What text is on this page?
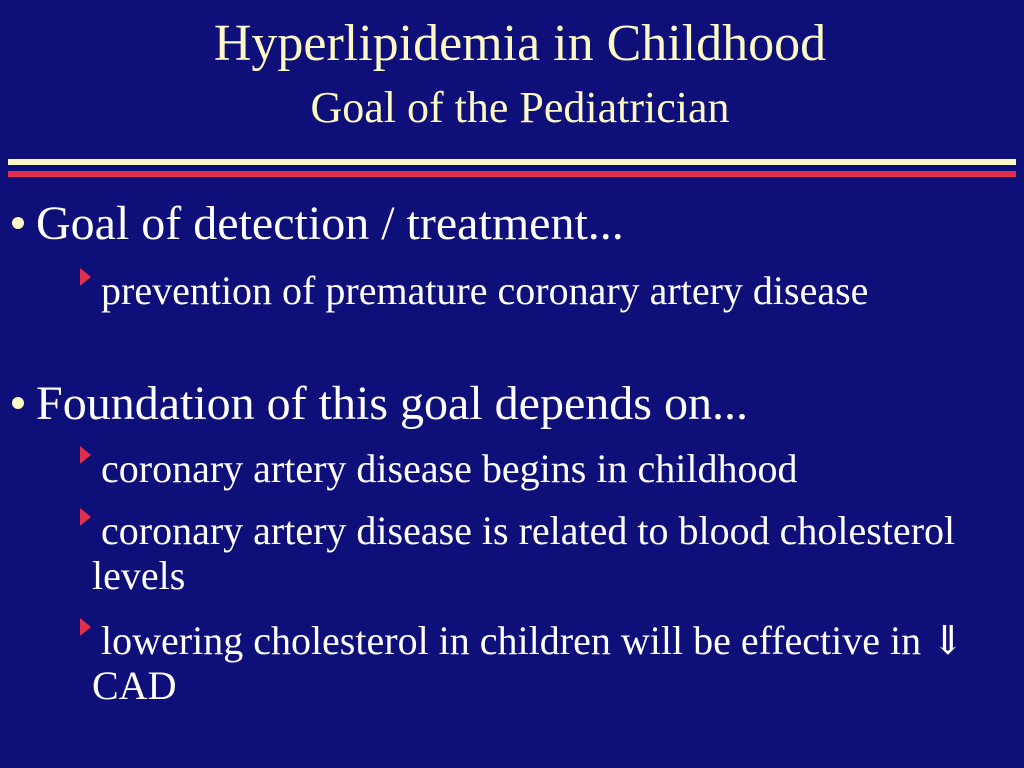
Hyperlipidemia in Childhood
Goal of the Pediatrician
Goal of detection / treatment...
prevention of premature coronary artery disease
Foundation of this goal depends on...
coronary artery disease begins in childhood
coronary artery disease is related to blood cholesterol levels
lowering cholesterol in children will be effective in ⇓ CAD
